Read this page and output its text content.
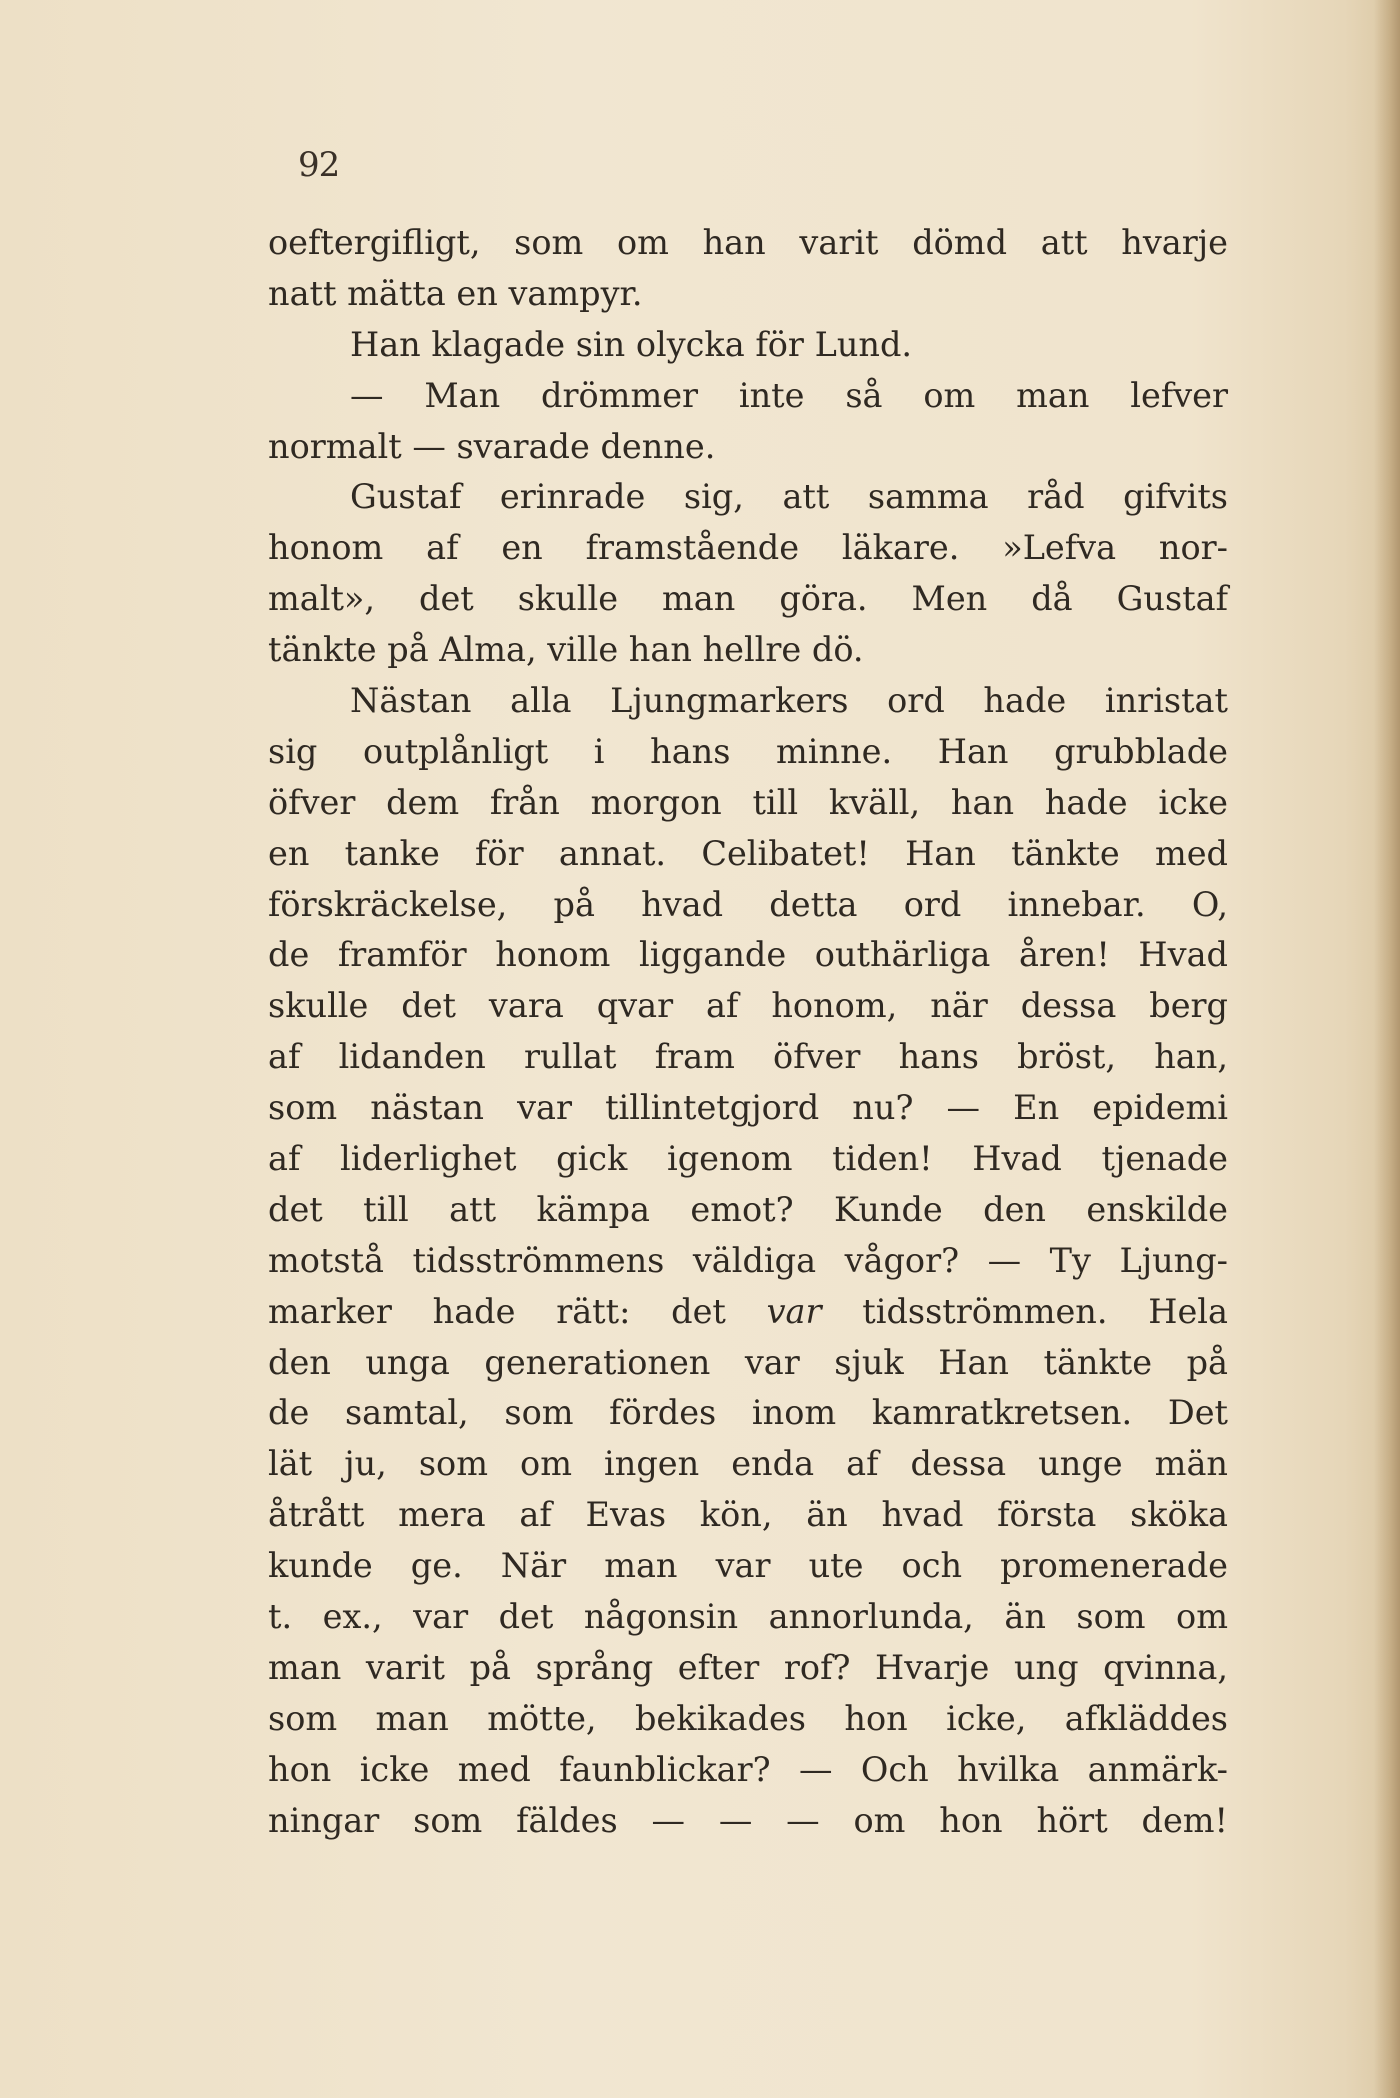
92
oeftergifligt, som om han varit dömd att hvarje
natt mätta en vampyr.
Han klagade sin olycka för Lund.
— Man drömmer inte så om man lefver
normalt — svarade denne.
Gustaf erinrade sig, att samma råd gifvits
honom af en framstående läkare. »Lefva nor-
malt», det skulle man göra. Men då Gustaf
tänkte på Alma, ville han hellre dö.
Nästan alla Ljungmarkers ord hade inristat
sig outplånligt i hans minne. Han grubblade
öfver dem från morgon till kväll, han hade icke
en tanke för annat. Celibatet! Han tänkte med
förskräckelse, på hvad detta ord innebar. O,
de framför honom liggande outhärliga åren! Hvad
skulle det vara qvar af honom, när dessa berg
af lidanden rullat fram öfver hans bröst, han,
som nästan var tillintetgjord nu? — En epidemi
af liderlighet gick igenom tiden! Hvad tjenade
det till att kämpa emot? Kunde den enskilde
motstå tidsströmmens väldiga vågor? — Ty Ljung-
marker hade rätt: det var tidsströmmen. Hela
den unga generationen var sjuk Han tänkte på
de samtal, som fördes inom kamratkretsen. Det
lät ju, som om ingen enda af dessa unge män
åtrått mera af Evas kön, än hvad första sköka
kunde ge. När man var ute och promenerade
t. ex., var det någonsin annorlunda, än som om
man varit på språng efter rof? Hvarje ung qvinna,
som man mötte, bekikades hon icke, afkläddes
hon icke med faunblickar? — Och hvilka anmärk-
ningar som fäldes — — — om hon hört dem!
